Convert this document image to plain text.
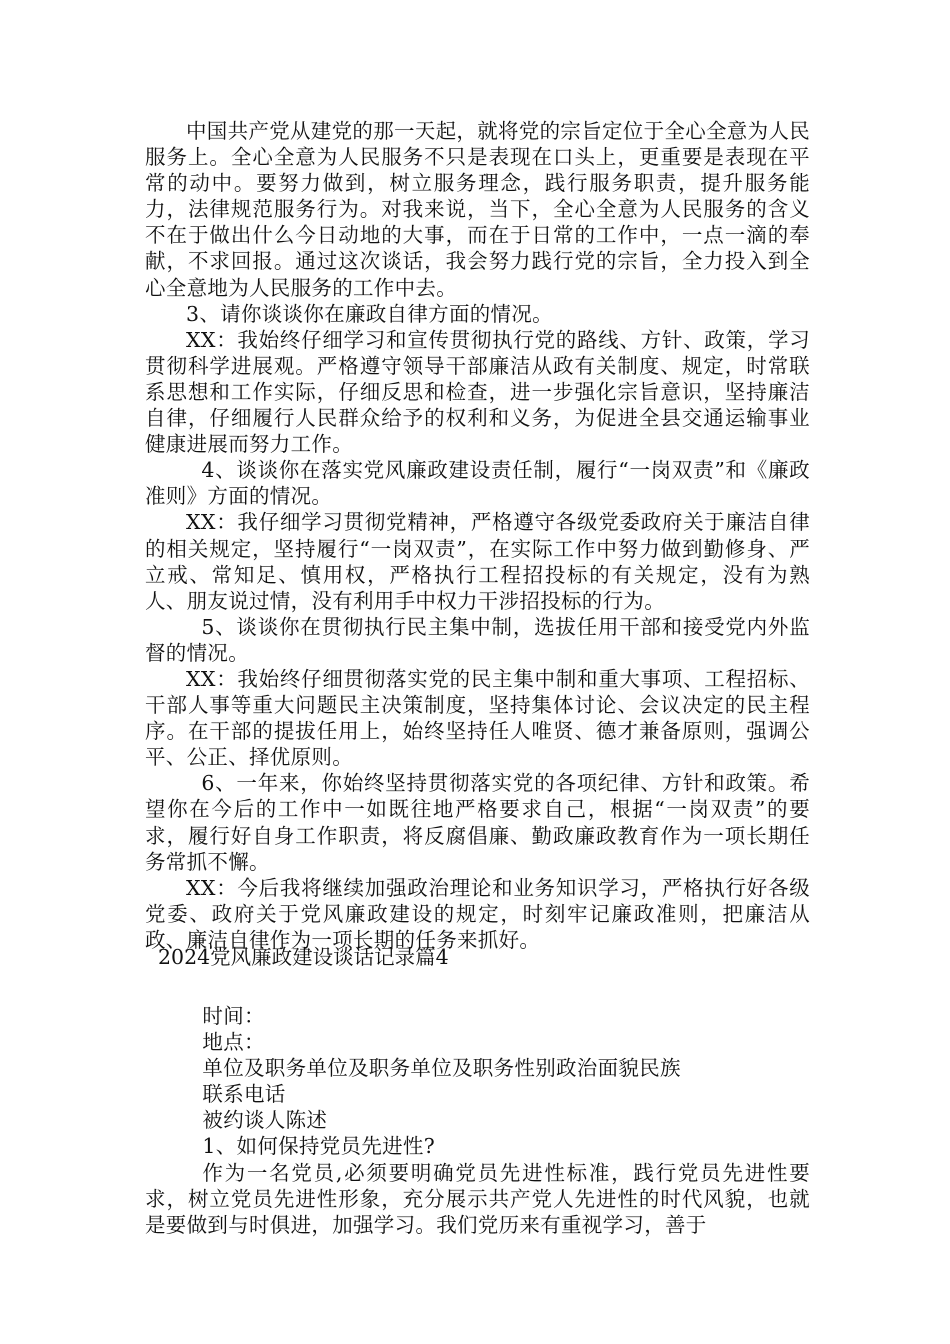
中国共产党从建党的那一天起，就将党的宗旨定位于全心全意为人民服务上。全心全意为人民服务不只是表现在口头上，更重要是表现在平常的动中。要努力做到，树立服务理念，践行服务职责，提升服务能力，法律规范服务行为。对我来说，当下，全心全意为人民服务的含义不在于做出什么今日动地的大事，而在于日常的工作中，一点一滴的奉献，不求回报。通过这次谈话，我会努力践行党的宗旨，全力投入到全心全意地为人民服务的工作中去。

3、请你谈谈你在廉政自律方面的情况。

XX：我始终仔细学习和宣传贯彻执行党的路线、方针、政策，学习贯彻科学进展观。严格遵守领导干部廉洁从政有关制度、规定，时常联系思想和工作实际，仔细反思和检查，进一步强化宗旨意识，坚持廉洁自律，仔细履行人民群众给予的权利和义务，为促进全县交通运输事业健康进展而努力工作。

4、谈谈你在落实党风廉政建设责任制，履行“一岗双责”和《廉政准则》方面的情况。

XX：我仔细学习贯彻党精神，严格遵守各级党委政府关于廉洁自律的相关规定，坚持履行“一岗双责”，在实际工作中努力做到勤修身、严立戒、常知足、慎用权，严格执行工程招投标的有关规定，没有为熟人、朋友说过情，没有利用手中权力干涉招投标的行为。

5、谈谈你在贯彻执行民主集中制，选拔任用干部和接受党内外监督的情况。

XX：我始终仔细贯彻落实党的民主集中制和重大事项、工程招标、干部人事等重大问题民主决策制度，坚持集体讨论、会议决定的民主程序。在干部的提拔任用上，始终坚持任人唯贤、德才兼备原则，强调公平、公正、择优原则。

6、一年来，你始终坚持贯彻落实党的各项纪律、方针和政策。希望你在今后的工作中一如既往地严格要求自己，根据“一岗双责”的要求，履行好自身工作职责，将反腐倡廉、勤政廉政教育作为一项长期任务常抓不懈。

XX：今后我将继续加强政治理论和业务知识学习，严格执行好各级党委、政府关于党风廉政建设的规定，时刻牢记廉政准则，把廉洁从政、廉洁自律作为一项长期的任务来抓好。

2024党风廉政建设谈话记录篇4

时间：

地点：

单位及职务单位及职务单位及职务性别政治面貌民族

联系电话

被约谈人陈述

1、如何保持党员先进性?

作为一名党员,必须要明确党员先进性标准，践行党员先进性要求，树立党员先进性形象，充分展示共产党人先进性的时代风貌，也就是要做到与时俱进，加强学习。我们党历来有重视学习，善于
